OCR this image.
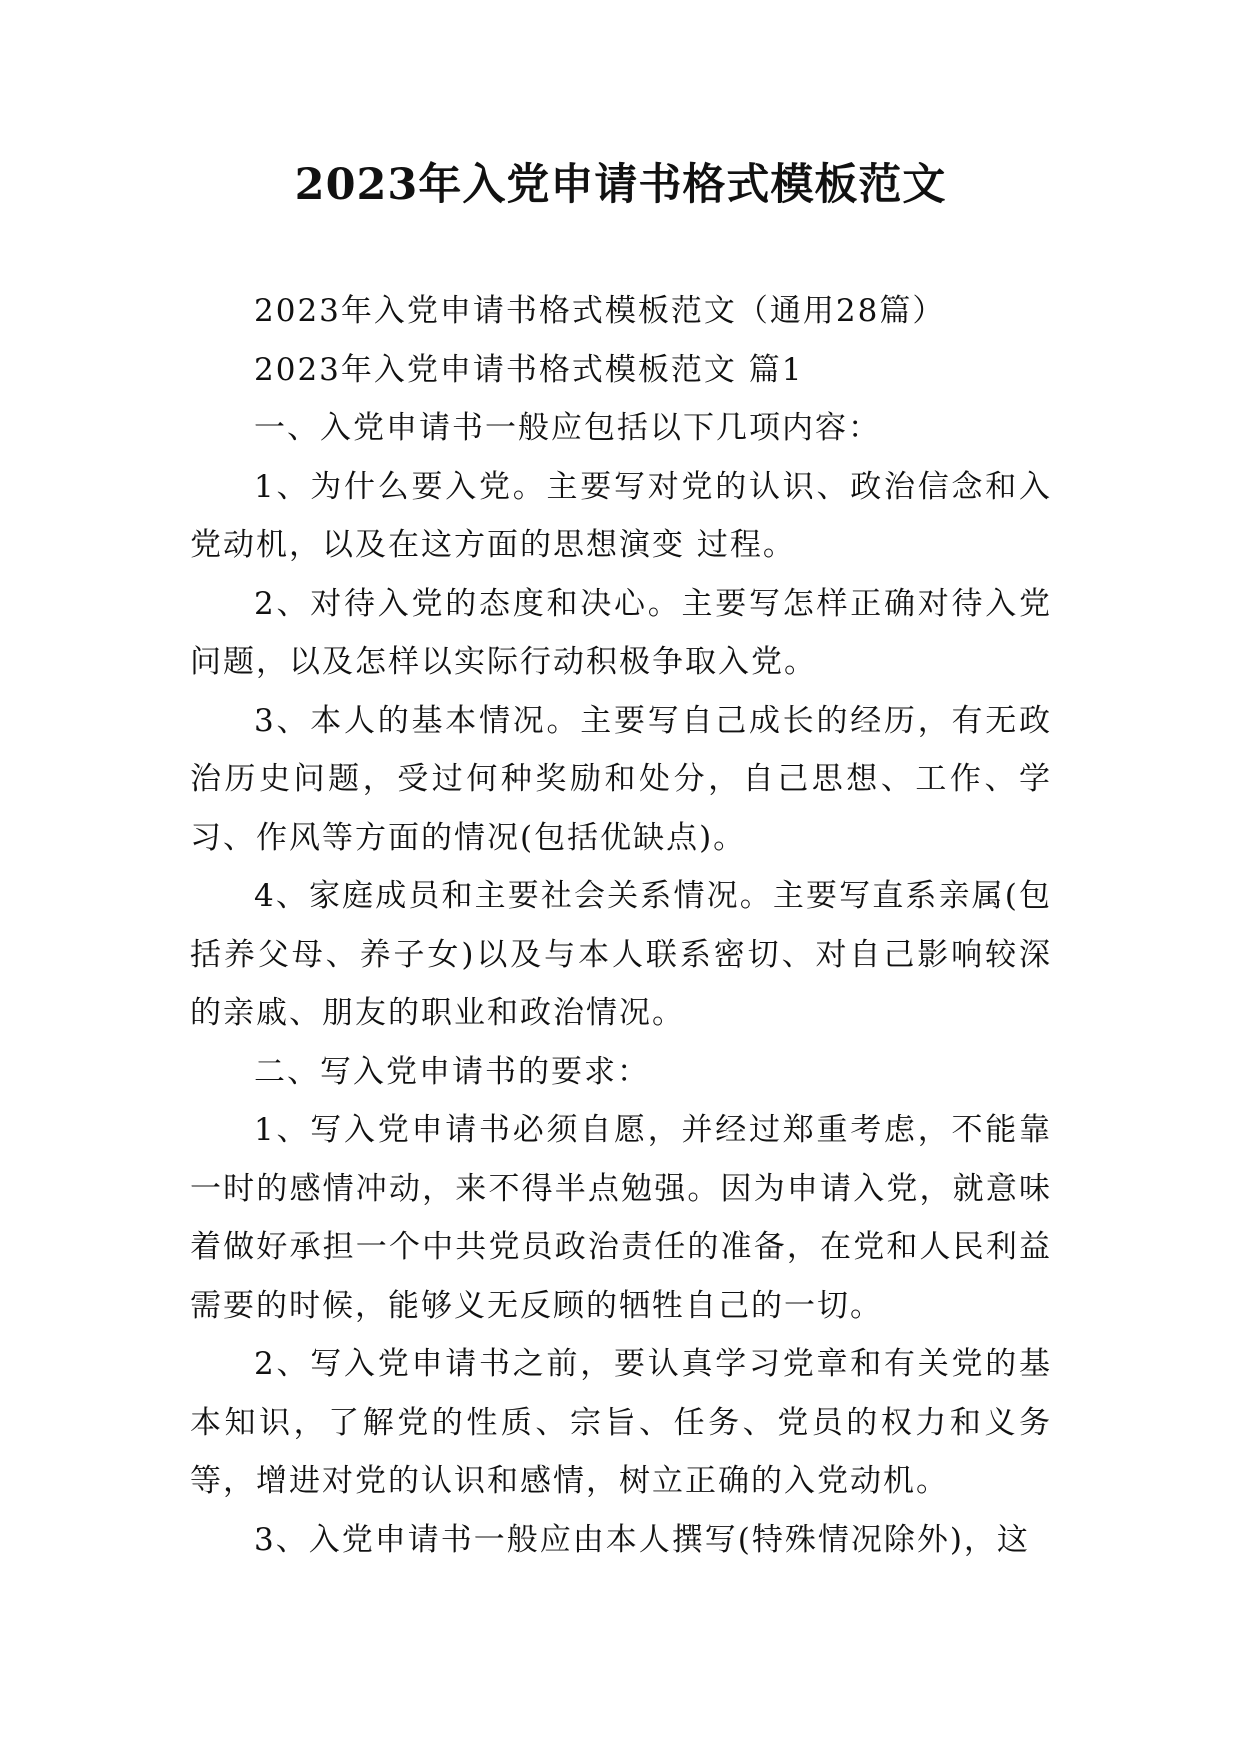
2023年入党申请书格式模板范文

2023年入党申请书格式模板范文（通用28篇）

2023年入党申请书格式模板范文 篇1

一、入党申请书一般应包括以下几项内容：

1、为什么要入党。主要写对党的认识、政治信念和入党动机，以及在这方面的思想演变 过程。

2、对待入党的态度和决心。主要写怎样正确对待入党问题，以及怎样以实际行动积极争取入党。

3、本人的基本情况。主要写自己成长的经历，有无政治历史问题，受过何种奖励和处分，自己思想、工作、学习、作风等方面的情况(包括优缺点)。

4、家庭成员和主要社会关系情况。主要写直系亲属(包括养父母、养子女)以及与本人联系密切、对自己影响较深的亲戚、朋友的职业和政治情况。

二、写入党申请书的要求：

1、写入党申请书必须自愿，并经过郑重考虑，不能靠一时的感情冲动，来不得半点勉强。因为申请入党，就意味着做好承担一个中共党员政治责任的准备，在党和人民利益需要的时候，能够义无反顾的牺牲自己的一切。

2、写入党申请书之前，要认真学习党章和有关党的基本知识，了解党的性质、宗旨、任务、党员的权力和义务等，增进对党的认识和感情，树立正确的入党动机。

3、入党申请书一般应由本人撰写(特殊情况除外)，这
